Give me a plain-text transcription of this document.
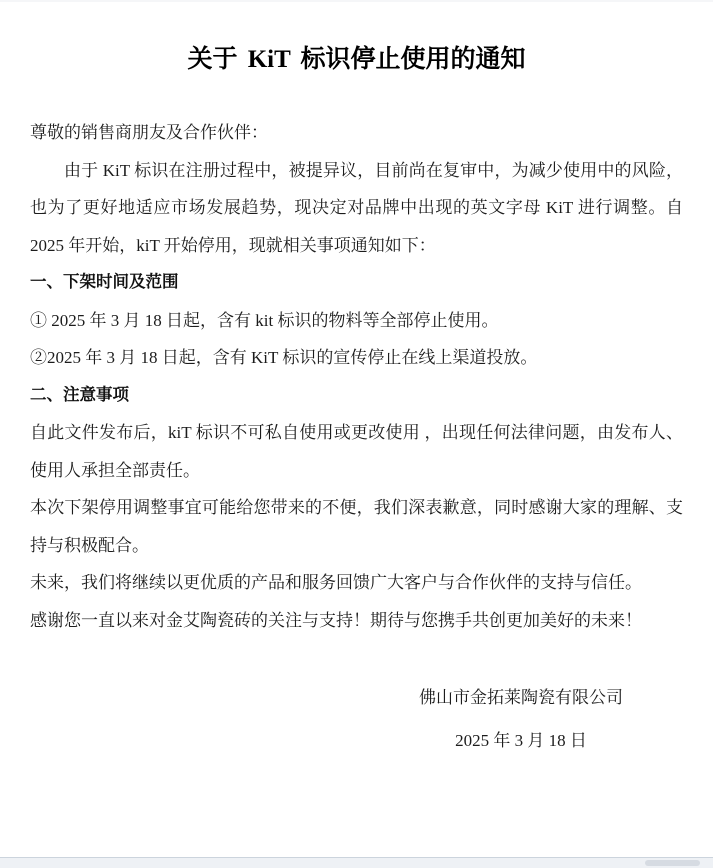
关于 KiT 标识停止使用的通知
尊敬的销售商朋友及合作伙伴：

由于 KiT 标识在注册过程中，被提异议，目前尚在复审中，为减少使用中的风险，也为了更好地适应市场发展趋势，现决定对品牌中出现的英文字母 KiT 进行调整。自 2025 年开始，kiT 开始停用，现就相关事项通知如下：

一、下架时间及范围

① 2025 年 3 月 18 日起，含有 kit 标识的物料等全部停止使用。

②2025 年 3 月 18 日起，含有 KiT 标识的宣传停止在线上渠道投放。

二、注意事项

自此文件发布后，kiT 标识不可私自使用或更改使用 ，出现任何法律问题，由发布人、使用人承担全部责任。

本次下架停用调整事宜可能给您带来的不便，我们深表歉意，同时感谢大家的理解、支持与积极配合。

未来，我们将继续以更优质的产品和服务回馈广大客户与合作伙伴的支持与信任。

感谢您一直以来对金艾陶瓷砖的关注与支持！期待与您携手共创更加美好的未来！

佛山市金拓莱陶瓷有限公司
2025 年 3 月 18 日
